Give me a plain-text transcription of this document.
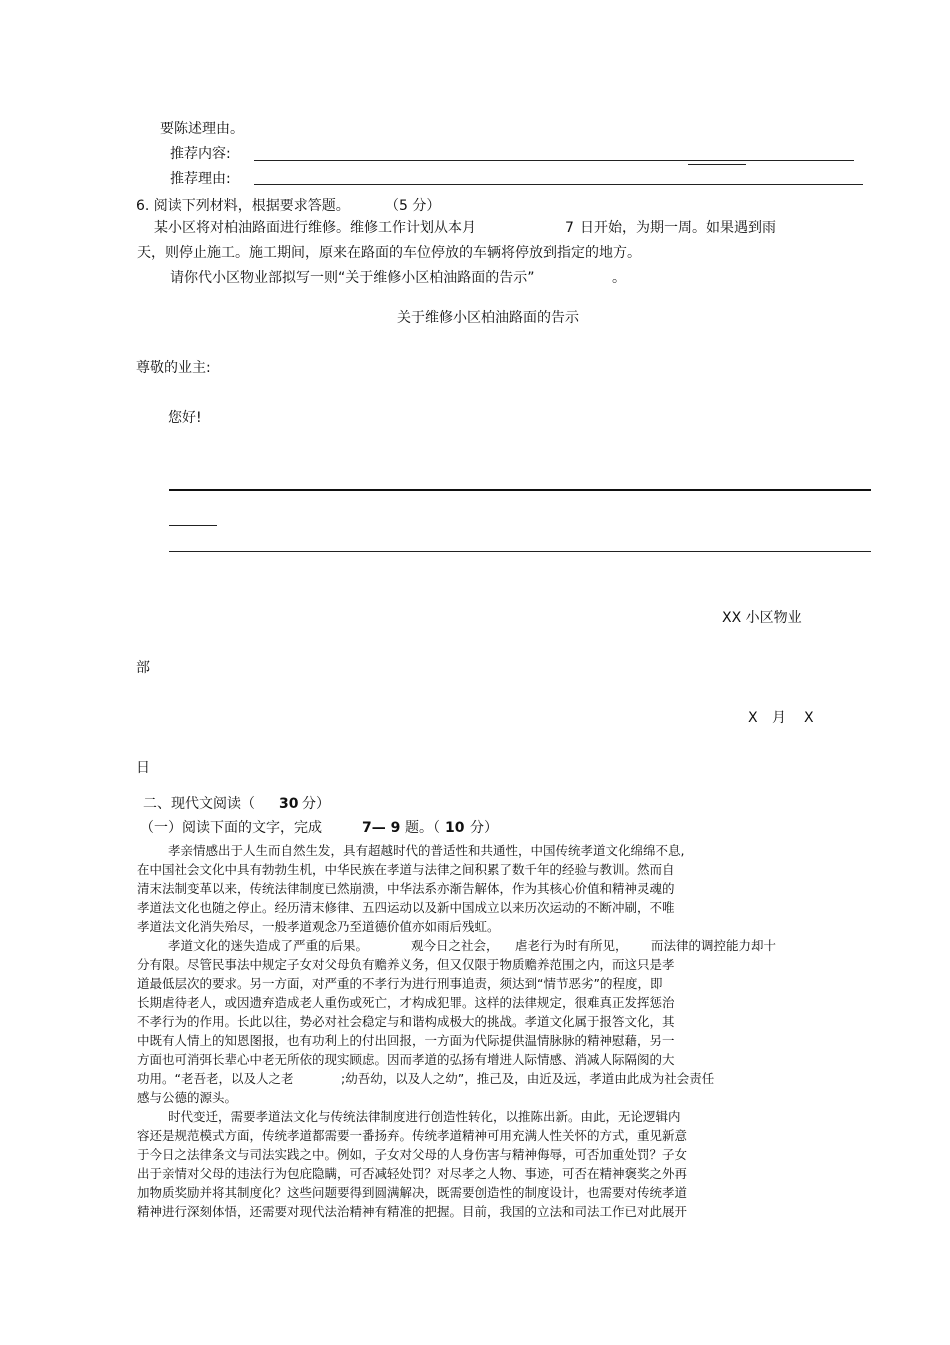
要陈述理由。
推荐内容:
推荐理由:
6. 阅读下列材料，根据要求答题。	（5 分）
某小区将对柏油路面进行维修。维修工作计划从本月	7 日开始，为期一周。如果遇到雨
天，则停止施工。施工期间，原来在路面的车位停放的车辆将停放到指定的地方。
请你代小区物业部拟写一则“关于维修小区柏油路面的告示”	。
关于维修小区柏油路面的告示
尊敬的业主:
您好!
XX 小区物业
部
X 月 X
日
二、现代文阅读（ 30 分）
（一）阅读下面的文字，完成	7— 9 题。（ 10 分）
孝亲情感出于人生而自然生发，具有超越时代的普适性和共通性，中国传统孝道文化绵绵不息,
在中国社会文化中具有勃勃生机，中华民族在孝道与法律之间积累了数千年的经验与教训。然而自
清末法制变革以来，传统法律制度已然崩溃，中华法系亦渐告解体，作为其核心价值和精神灵魂的
孝道法文化也随之停止。经历清末修律、五四运动以及新中国成立以来历次运动的不断冲刷，不唯
孝道法文化消失殆尽，一般孝道观念乃至道德价值亦如雨后残虹。
孝道文化的迷失造成了严重的后果。	观今日之社会， 虐老行为时有所见， 而法律的调控能力却十
分有限。尽管民事法中规定子女对父母负有赡养义务，但又仅限于物质赡养范围之内，而这只是孝
道最低层次的要求。另一方面，对严重的不孝行为进行刑事追责，须达到“情节恶劣”的程度，即
长期虐待老人，或因遗弃造成老人重伤或死亡，才构成犯罪。这样的法律规定，很难真正发挥惩治
不孝行为的作用。长此以往，势必对社会稳定与和谐构成极大的挑战。孝道文化属于报答文化，其
中既有人情上的知恩图报，也有功利上的付出回报，一方面为代际提供温情脉脉的精神慰藉，另一
方面也可消弭长辈心中老无所依的现实顾虑。因而孝道的弘扬有增进人际情感、消减人际隔阂的大
功用。“老吾老，以及人之老	;幼吾幼，以及人之幼”，推己及，由近及远，孝道由此成为社会责任
感与公德的源头。
时代变迁，需要孝道法文化与传统法律制度进行创造性转化，以推陈出新。由此，无论逻辑内
容还是规范模式方面，传统孝道都需要一番扬弃。传统孝道精神可用充满人性关怀的方式，重见新意
于今日之法律条文与司法实践之中。例如，子女对父母的人身伤害与精神侮辱，可否加重处罚？子女
出于亲情对父母的违法行为包庇隐瞒，可否减轻处罚？对尽孝之人物、事迹，可否在精神褒奖之外再
加物质奖励并将其制度化？这些问题要得到圆满解决，既需要创造性的制度设计，也需要对传统孝道
精神进行深刻体悟，还需要对现代法治精神有精准的把握。目前，我国的立法和司法工作已对此展开
